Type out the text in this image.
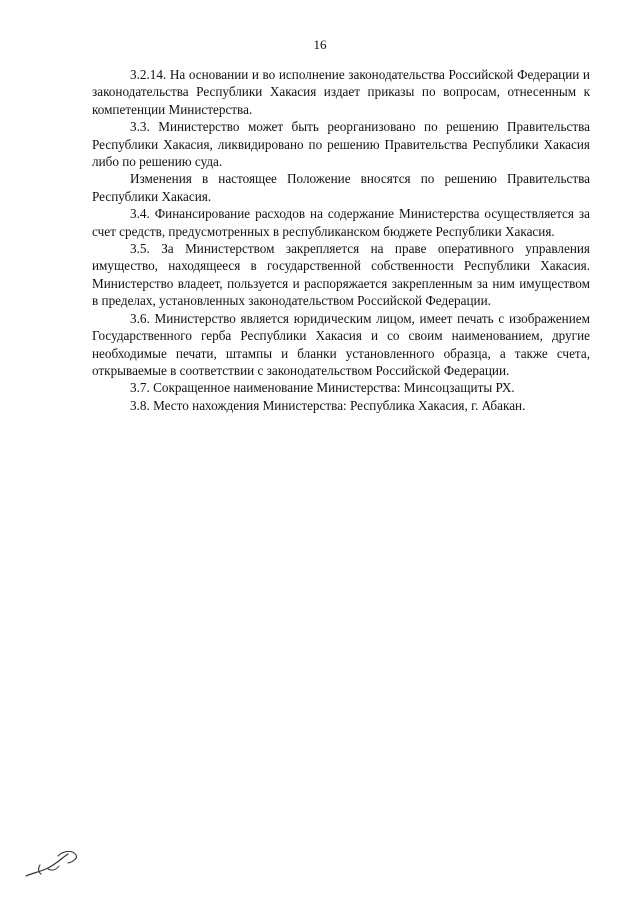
16

3.2.14. На основании и во исполнение законодательства Российской Федерации и законодательства Республики Хакасия издает приказы по вопросам, отнесенным к компетенции Министерства.

3.3. Министерство может быть реорганизовано по решению Правительства Республики Хакасия, ликвидировано по решению Правительства Республики Хакасия либо по решению суда.

Изменения в настоящее Положение вносятся по решению Правительства Республики Хакасия.

3.4. Финансирование расходов на содержание Министерства осуществляется за счет средств, предусмотренных в республиканском бюджете Республики Хакасия.

3.5. За Министерством закрепляется на праве оперативного управления имущество, находящееся в государственной собственности Республики Хакасия. Министерство владеет, пользуется и распоряжается закрепленным за ним имуществом в пределах, установленных законодательством Российской Федерации.

3.6. Министерство является юридическим лицом, имеет печать с изображением Государственного герба Республики Хакасия и со своим наименованием, другие необходимые печати, штампы и бланки установленного образца, а также счета, открываемые в соответствии с законодательством Российской Федерации.

3.7. Сокращенное наименование Министерства: Минсоцзащиты РХ.

3.8. Место нахождения Министерства: Республика Хакасия, г. Абакан.
